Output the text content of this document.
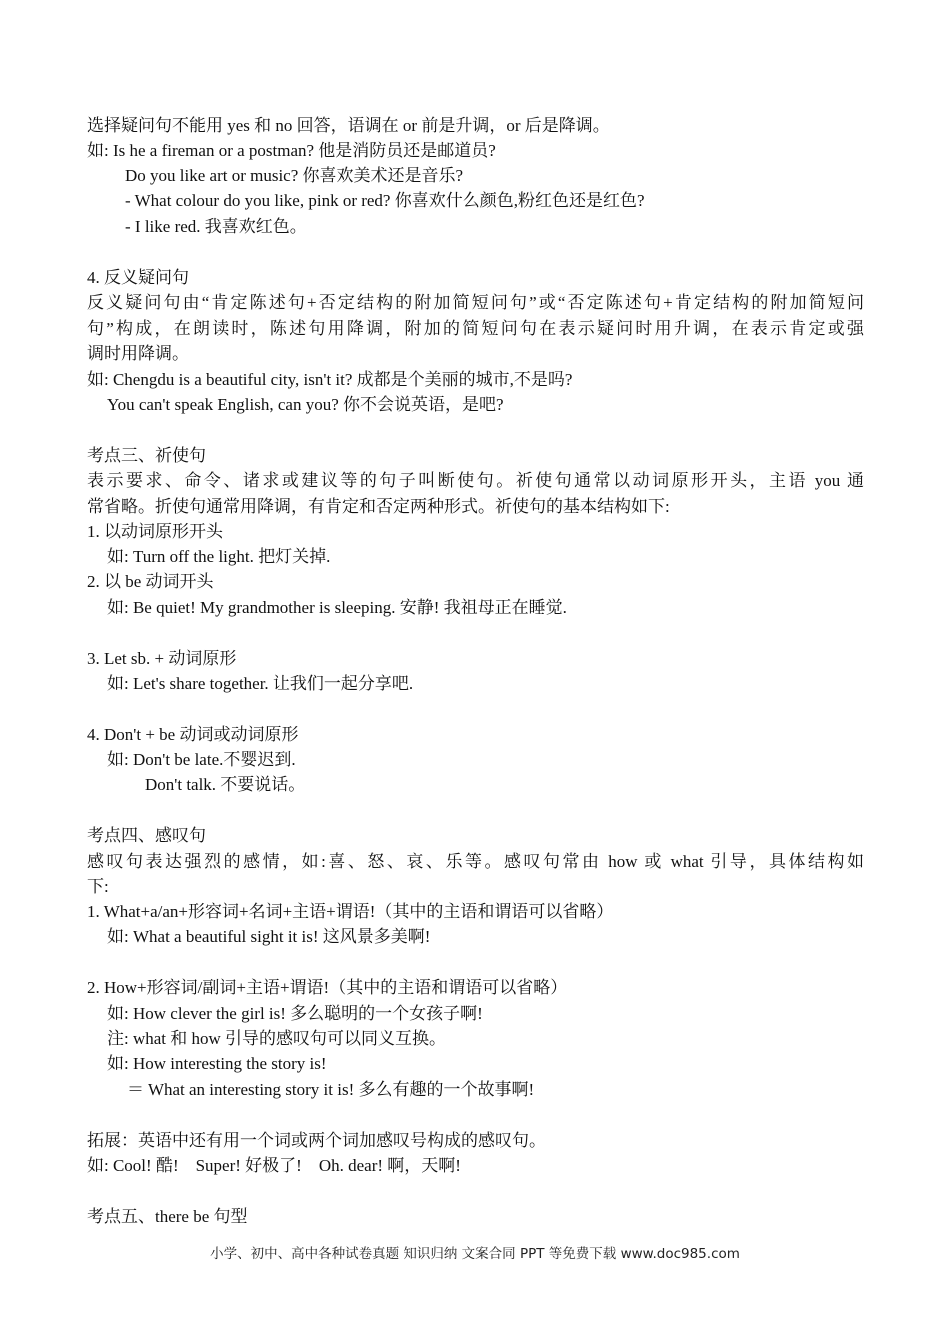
选择疑问句不能用 yes 和 no 回答，语调在 or 前是升调，or 后是降调。
如: Is he a fireman or a postman? 他是消防员还是邮道员?
Do you like art or music? 你喜欢美术还是音乐?
- What colour do you like, pink or red? 你喜欢什么颜色,粉红色还是红色?
- I like red. 我喜欢红色。
4. 反义疑问句
反义疑问句由“肯定陈述句+否定结构的附加简短问句”或“否定陈述句+肯定结构的附加简短问
句”构成，在朗读时，陈述句用降调，附加的简短问句在表示疑问时用升调，在表示肯定或强
调时用降调。
如: Chengdu is a beautiful city, isn't it? 成都是个美丽的城市,不是吗?
You can't speak English, can you? 你不会说英语，是吧?
考点三、祈使句
表示要求、命令、诸求或建议等的句子叫断使句。祈使句通常以动词原形开头，主语 you 通
常省略。折使句通常用降调，有肯定和否定两种形式。祈使句的基本结构如下:
1. 以动词原形开头
如: Turn off the light. 把灯关掉.
2. 以 be 动词开头
如: Be quiet! My grandmother is sleeping. 安静! 我祖母正在睡觉.
3. Let sb. + 动词原形
如: Let's share together. 让我们一起分享吧.
4. Don't + be 动词或动词原形
如: Don't be late.不婴迟到.
Don't talk. 不要说话。
考点四、感叹句
感叹句表达强烈的感情，如:喜、怒、哀、乐等。感叹句常由 how 或 what 引导，具体结构如
下:
1. What+a/an+形容词+名词+主语+谓语!（其中的主语和谓语可以省略）
如: What a beautiful sight it is! 这风景多美啊!
2. How+形容词/副词+主语+谓语!（其中的主语和谓语可以省略）
如: How clever the girl is! 多么聪明的一个女孩子啊!
注: what 和 how 引导的感叹句可以同义互换。
如: How interesting the story is!
＝ What an interesting story it is! 多么有趣的一个故事啊!
拓展：英语中还有用一个词或两个词加感叹号构成的感叹句。
如: Cool! 酷!    Super! 好极了!    Oh. dear! 啊，天啊!
考点五、there be 句型
小学、初中、高中各种试卷真题 知识归纳 文案合同 PPT 等免费下载 www.doc985.com
